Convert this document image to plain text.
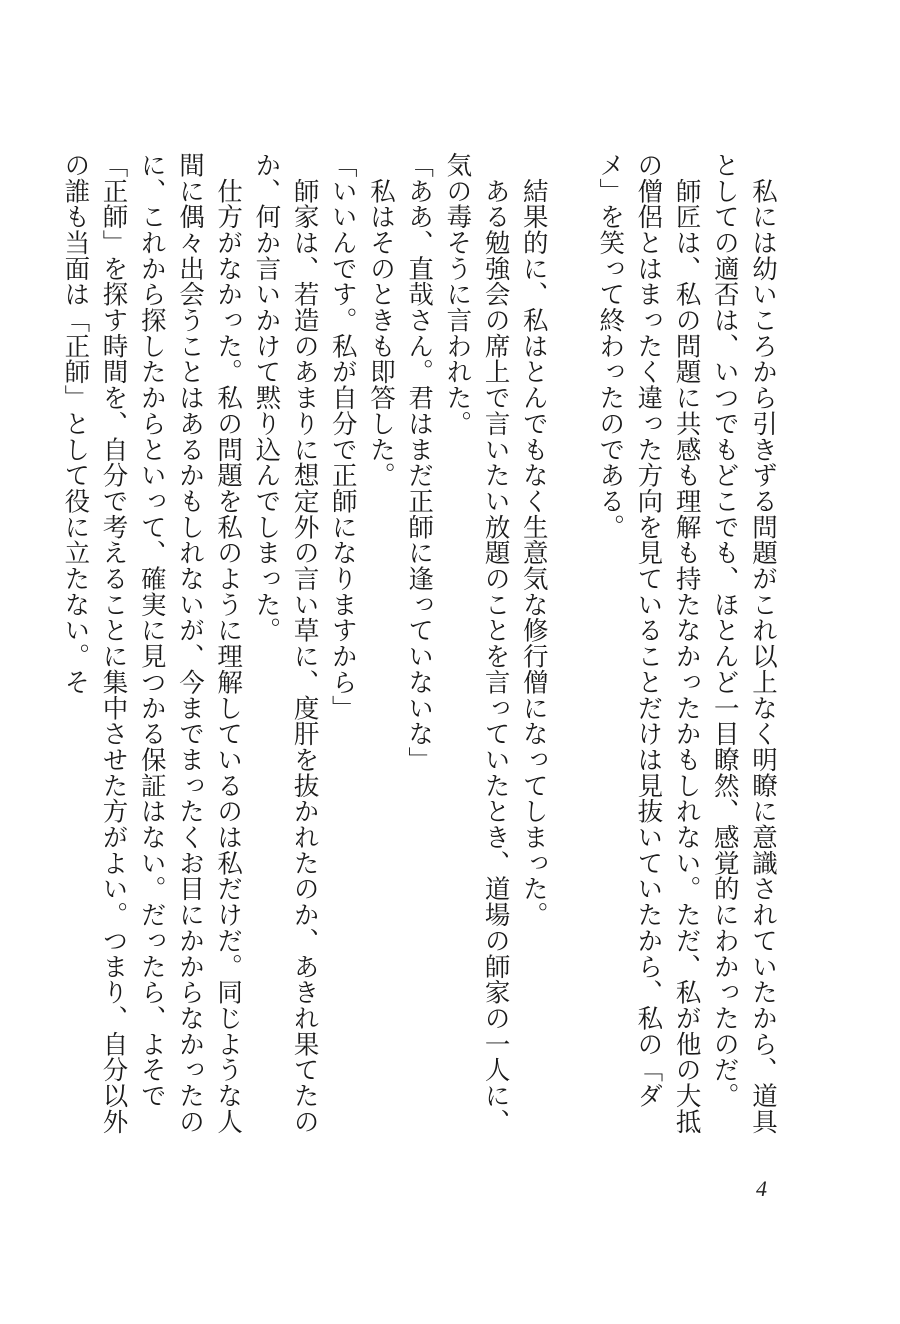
　私には幼いころから引きずる問題がこれ以上なく明瞭に意識されていたから、道具としての適否は、いつでもどこでも、ほとんど一目瞭然、感覚的にわかったのだ。

　師匠は、私の問題に共感も理解も持たなかったかもしれない。ただ、私が他の大抵の僧侶とはまったく違った方向を見ていることだけは見抜いていたから、私の「ダメ」を笑って終わったのである。

　結果的に、私はとんでもなく生意気な修行僧になってしまった。

　ある勉強会の席上で言いたい放題のことを言っていたとき、道場の師家の一人に、気の毒そうに言われた。

「ああ、直哉さん。君はまだ正師に逢っていないな」

　私はそのときも即答した。

「いいんです。私が自分で正師になりますから」

　師家は、若造のあまりに想定外の言い草に、度肝を抜かれたのか、あきれ果てたのか、何か言いかけて黙り込んでしまった。

　仕方がなかった。私の問題を私のように理解しているのは私だけだ。同じような人間に偶々出会うことはあるかもしれないが、今までまったくお目にかからなかったのに、これから探したからといって、確実に見つかる保証はない。だったら、よそで「正師」を探す時間を、自分で考えることに集中させた方がよい。つまり、自分以外の誰も当面は「正師」として役に立たない。そ

4
